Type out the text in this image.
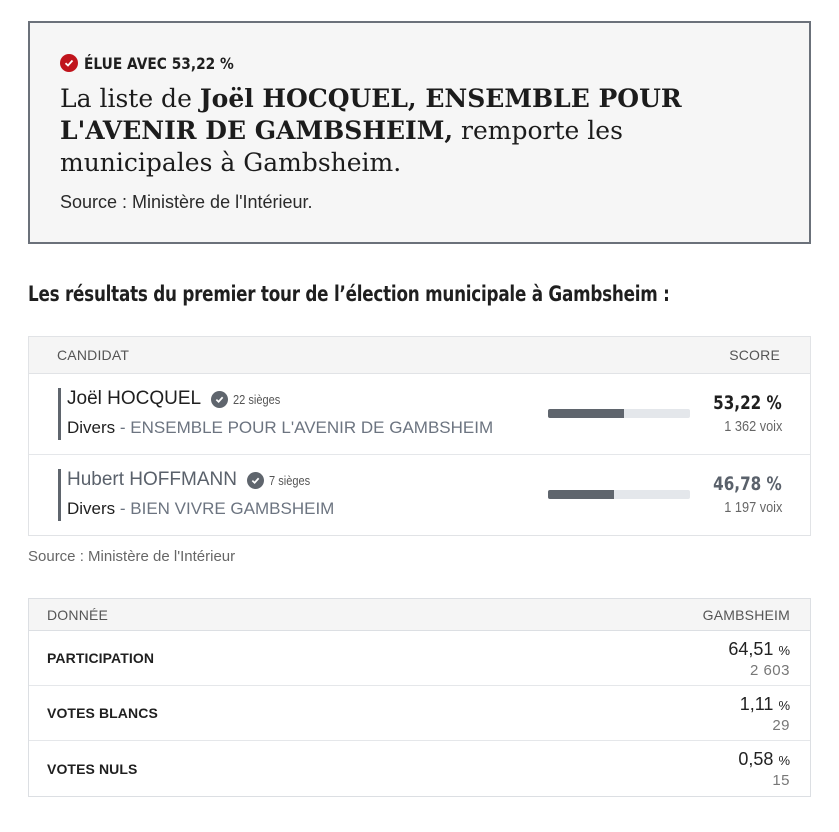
ÉLUE AVEC 53,22 %
La liste de Joël HOCQUEL, ENSEMBLE POUR L'AVENIR DE GAMBSHEIM, remporte les municipales à Gambsheim.
Source : Ministère de l'Intérieur.
Les résultats du premier tour de l’élection municipale à Gambsheim :
CANDIDAT	SCORE
Joël HOCQUEL 22 sièges
Divers - ENSEMBLE POUR L'AVENIR DE GAMBSHEIM
53,22 %
1 362 voix
Hubert HOFFMANN 7 sièges
Divers - BIEN VIVRE GAMBSHEIM
46,78 %
1 197 voix
Source : Ministère de l'Intérieur
DONNÉE	GAMBSHEIM
PARTICIPATION	64,51 %
2 603
VOTES BLANCS	1,11 %
29
VOTES NULS	0,58 %
15
